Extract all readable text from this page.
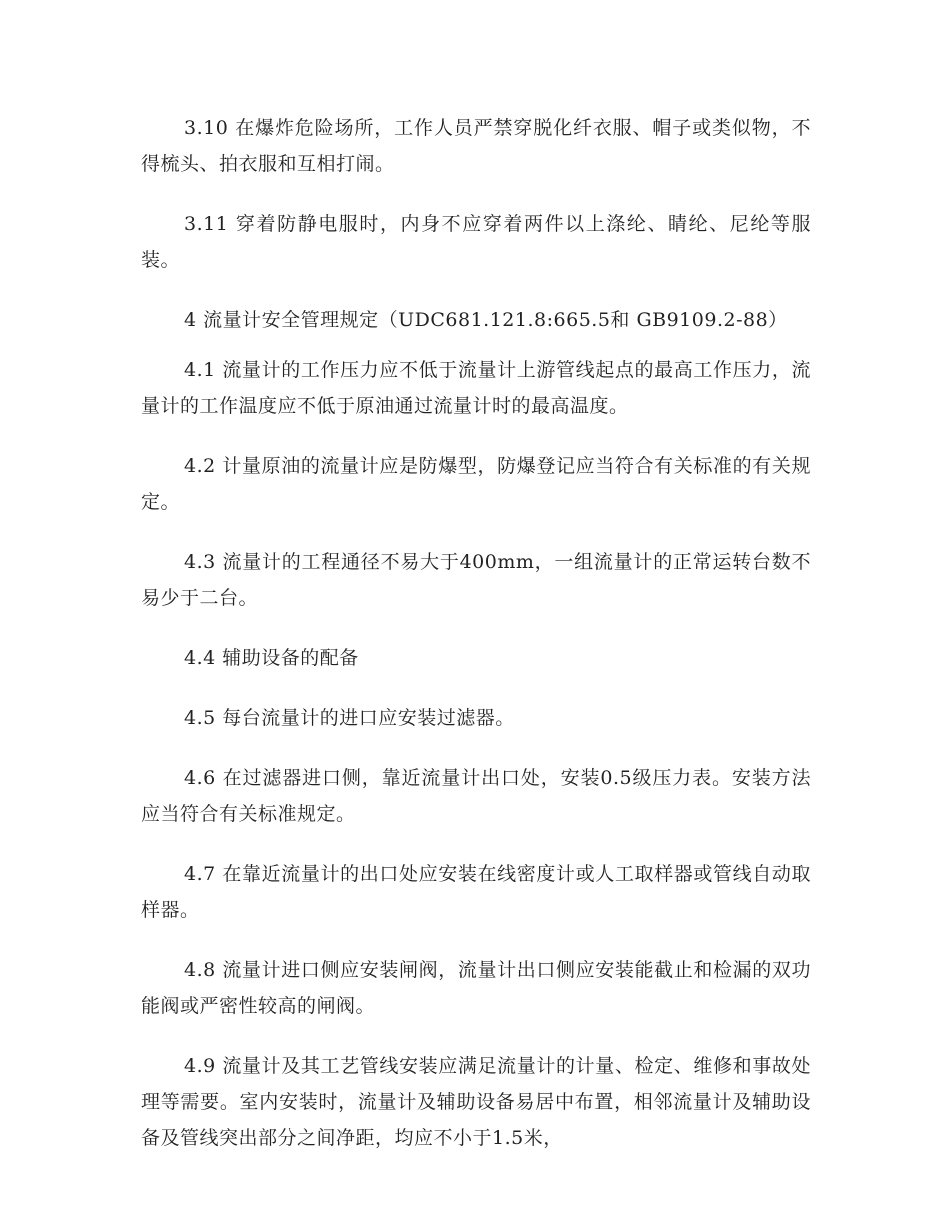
3.10 在爆炸危险场所，工作人员严禁穿脱化纤衣服、帽子或类似物，不得梳头、拍衣服和互相打闹。

3.11 穿着防静电服时，内身不应穿着两件以上涤纶、睛纶、尼纶等服装。

4 流量计安全管理规定（UDC681.121.8:665.5和 GB9109.2-88）

4.1 流量计的工作压力应不低于流量计上游管线起点的最高工作压力，流量计的工作温度应不低于原油通过流量计时的最高温度。

4.2 计量原油的流量计应是防爆型，防爆登记应当符合有关标准的有关规定。

4.3 流量计的工程通径不易大于400mm，一组流量计的正常运转台数不易少于二台。

4.4 辅助设备的配备

4.5 每台流量计的进口应安装过滤器。

4.6 在过滤器进口侧，靠近流量计出口处，安装0.5级压力表。安装方法应当符合有关标准规定。

4.7 在靠近流量计的出口处应安装在线密度计或人工取样器或管线自动取样器。

4.8 流量计进口侧应安装闸阀，流量计出口侧应安装能截止和检漏的双功能阀或严密性较高的闸阀。

4.9 流量计及其工艺管线安装应满足流量计的计量、检定、维修和事故处理等需要。室内安装时，流量计及辅助设备易居中布置，相邻流量计及辅助设备及管线突出部分之间净距，均应不小于1.5米，
